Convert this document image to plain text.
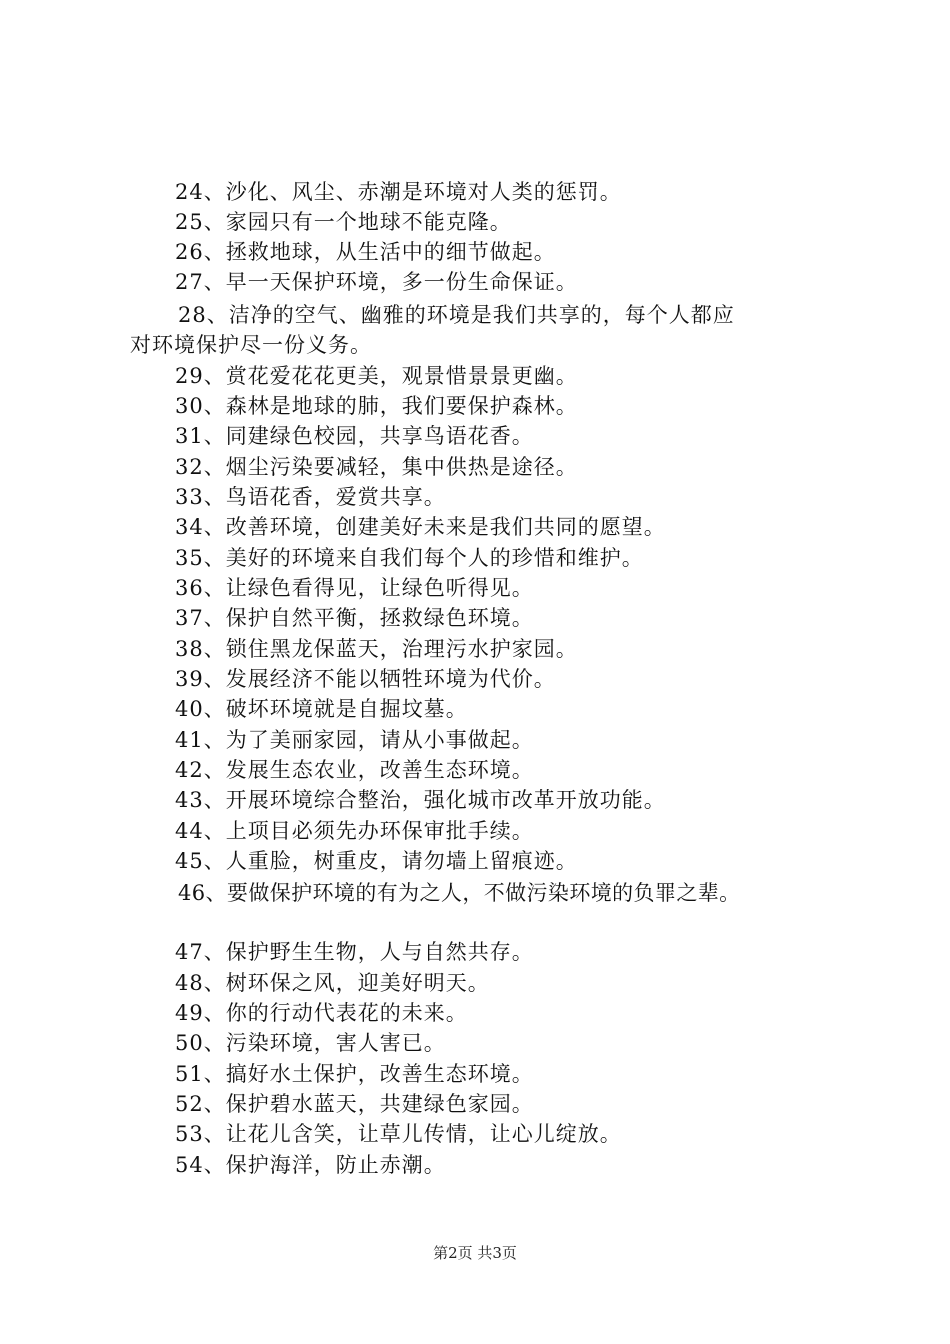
24、沙化、风尘、赤潮是环境对人类的惩罚。
25、家园只有一个地球不能克隆。
26、拯救地球，从生活中的细节做起。
27、早一天保护环境，多一份生命保证。
28、洁净的空气、幽雅的环境是我们共享的，每个人都应
对环境保护尽一份义务。
29、赏花爱花花更美，观景惜景景更幽。
30、森林是地球的肺，我们要保护森林。
31、同建绿色校园，共享鸟语花香。
32、烟尘污染要减轻，集中供热是途径。
33、鸟语花香，爱赏共享。
34、改善环境，创建美好未来是我们共同的愿望。
35、美好的环境来自我们每个人的珍惜和维护。
36、让绿色看得见，让绿色听得见。
37、保护自然平衡，拯救绿色环境。
38、锁住黑龙保蓝天，治理污水护家园。
39、发展经济不能以牺牲环境为代价。
40、破坏环境就是自掘坟墓。
41、为了美丽家园，请从小事做起。
42、发展生态农业，改善生态环境。
43、开展环境综合整治，强化城市改革开放功能。
44、上项目必须先办环保审批手续。
45、人重脸，树重皮，请勿墙上留痕迹。
46、要做保护环境的有为之人，不做污染环境的负罪之辈。
47、保护野生生物，人与自然共存。
48、树环保之风，迎美好明天。
49、你的行动代表花的未来。
50、污染环境，害人害已。
51、搞好水土保护，改善生态环境。
52、保护碧水蓝天，共建绿色家园。
53、让花儿含笑，让草儿传情，让心儿绽放。
54、保护海洋，防止赤潮。
第2页 共3页
